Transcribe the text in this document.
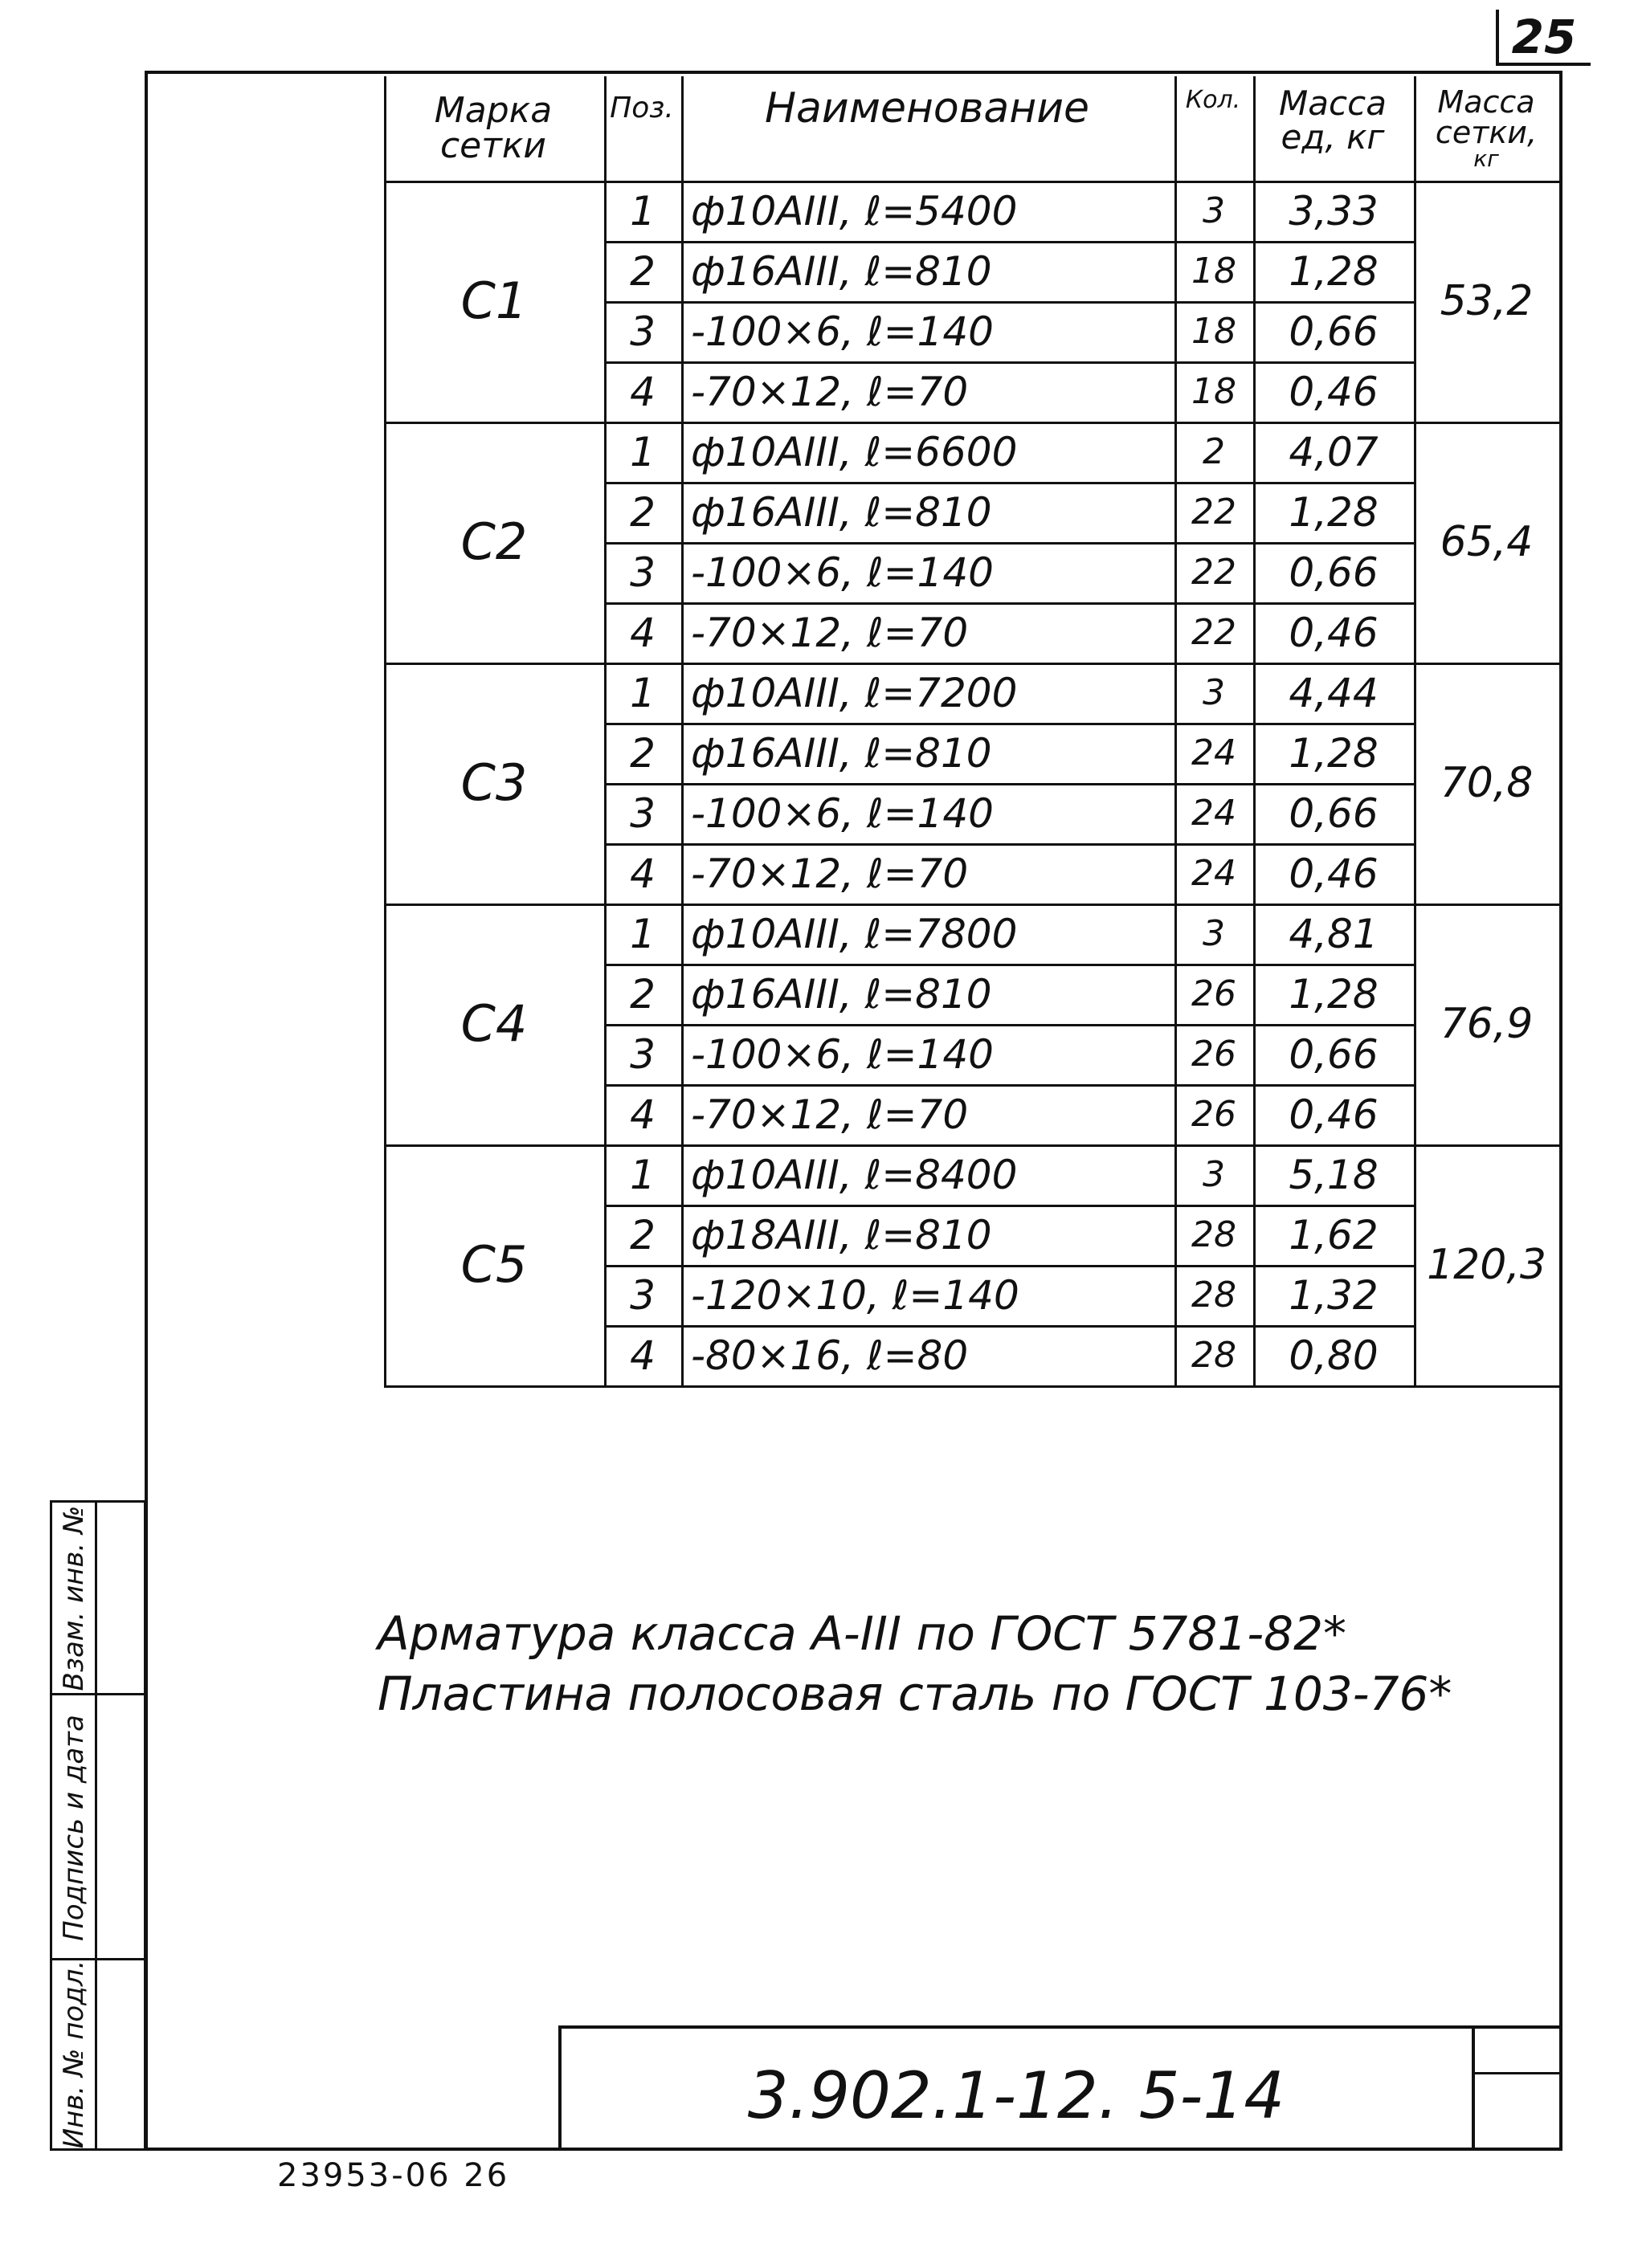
25
Взам. инв. №
Подпись и дата
Инв. № подл.
Марка
сетки
Поз. Наименование	Кол. Масса
ед, кг
Масса
сетки,
кг
С1	53,2
1 ф10АIII, ℓ=5400	3	3,33
2 ф16АIII, ℓ=810	18	1,28
3 -100×6, ℓ=140	18	0,66
4 -70×12, ℓ=70	18	0,46
С2	65,4
1 ф10АIII, ℓ=6600	2	4,07
2 ф16АIII, ℓ=810	22	1,28
3 -100×6, ℓ=140	22	0,66
4 -70×12, ℓ=70	22	0,46
С3	70,8
1 ф10АIII, ℓ=7200	3	4,44
2 ф16АIII, ℓ=810	24	1,28
3 -100×6, ℓ=140	24	0,66
4 -70×12, ℓ=70	24	0,46
С4	76,9
1 ф10АIII, ℓ=7800	3	4,81
2 ф16АIII, ℓ=810	26	1,28
3 -100×6, ℓ=140	26	0,66
4 -70×12, ℓ=70	26	0,46
С5	120,3
1 ф10АIII, ℓ=8400	3	5,18
2 ф18АIII, ℓ=810	28	1,62
3 -120×10, ℓ=140	28	1,32
4 -80×16, ℓ=80	28	0,80
Арматура класса А-III по ГОСТ 5781-82*
Пластина полосовая сталь по ГОСТ 103-76*
3.902.1-12. 5-14
23953-06 26
